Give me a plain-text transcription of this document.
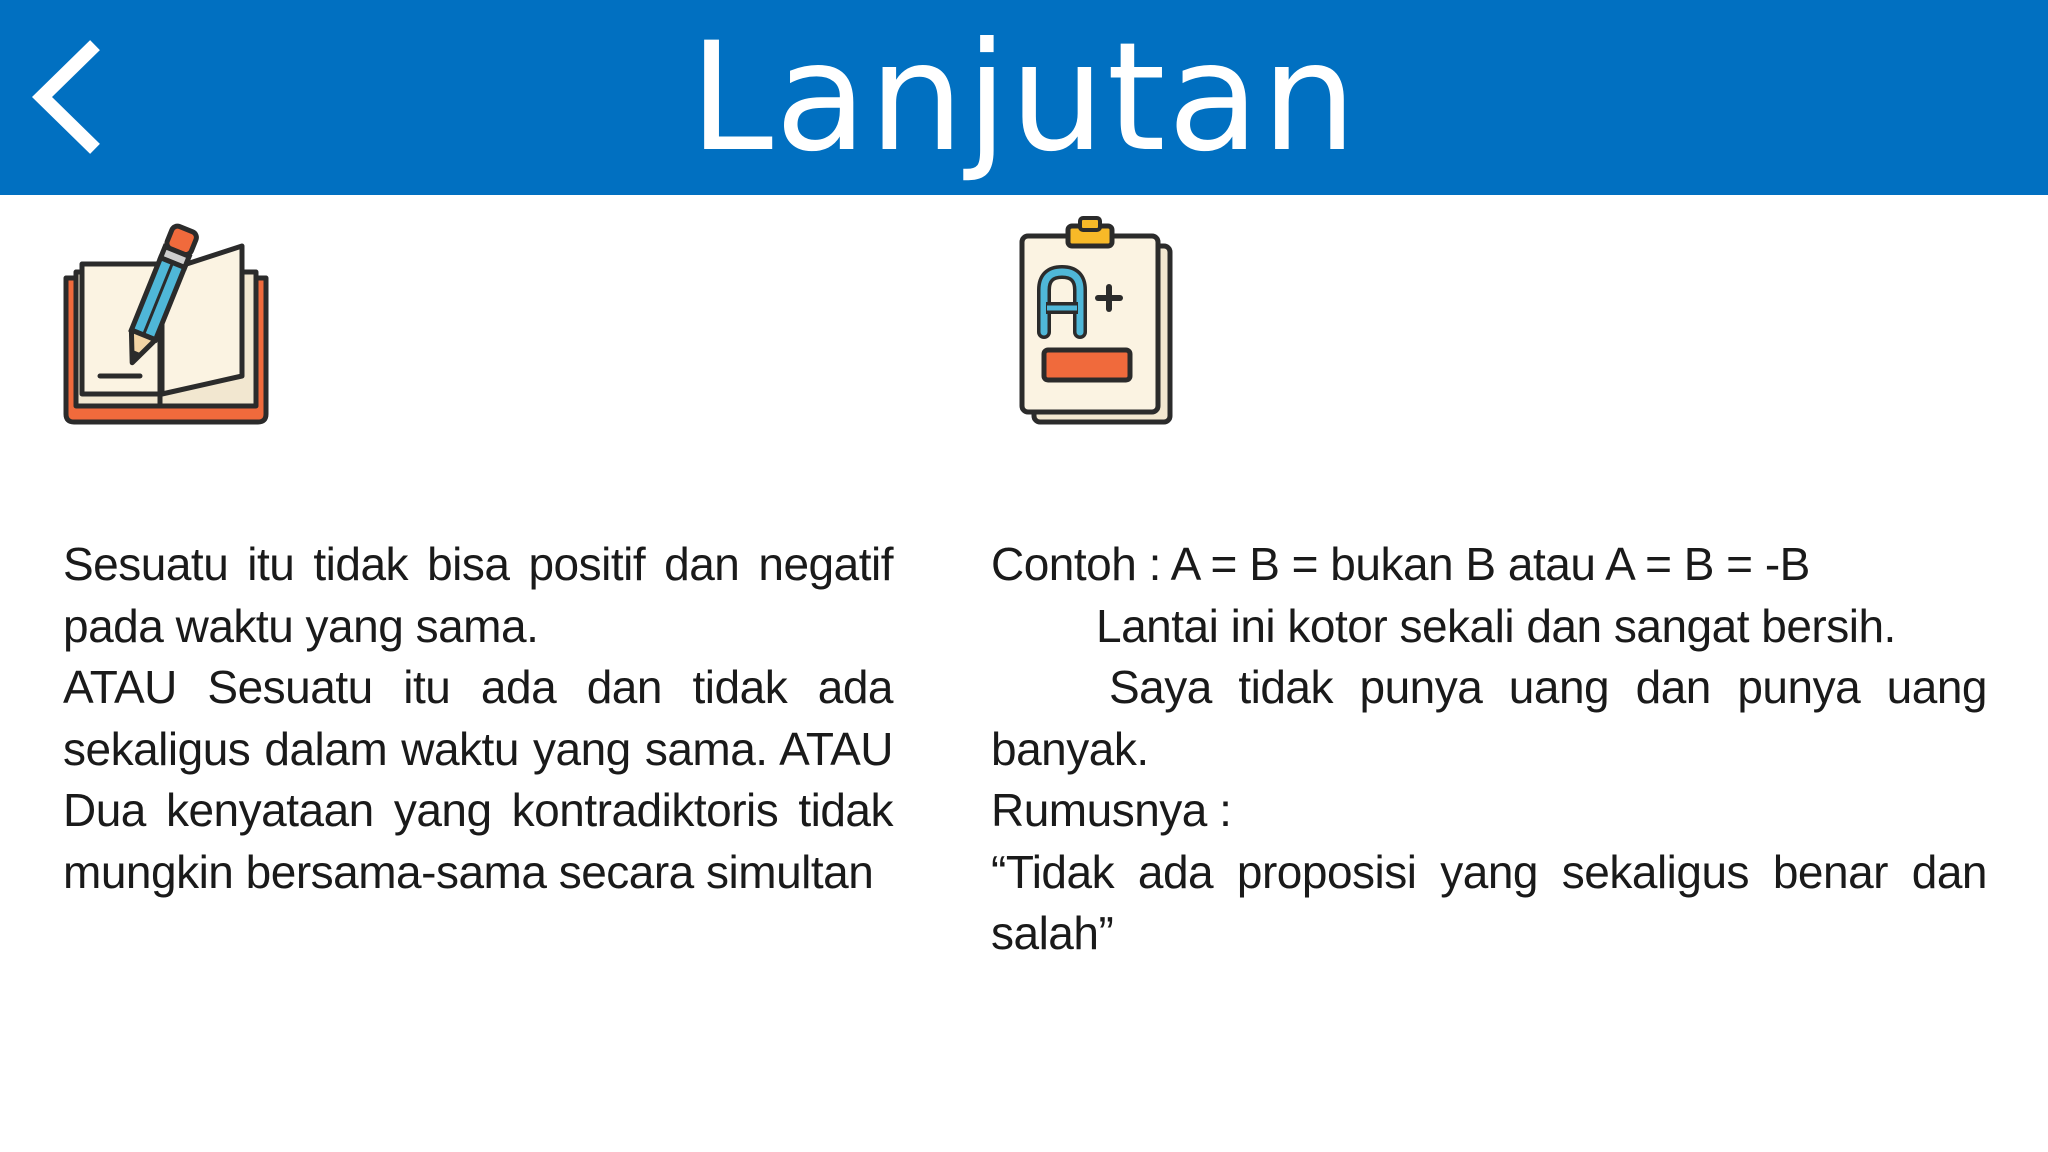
Lanjutan
Sesuatu itu tidak bisa positif dan negatif
pada waktu yang sama.
ATAU Sesuatu itu ada dan tidak ada
sekaligus dalam waktu yang sama. ATAU
Dua kenyataan yang kontradiktoris tidak
mungkin bersama-sama secara simultan
Contoh : A = B = bukan B atau A = B = -B
Lantai ini kotor sekali dan sangat bersih.
Saya tidak punya uang dan punya uang
banyak.
Rumusnya :
“Tidak ada proposisi yang sekaligus benar dan
salah”
